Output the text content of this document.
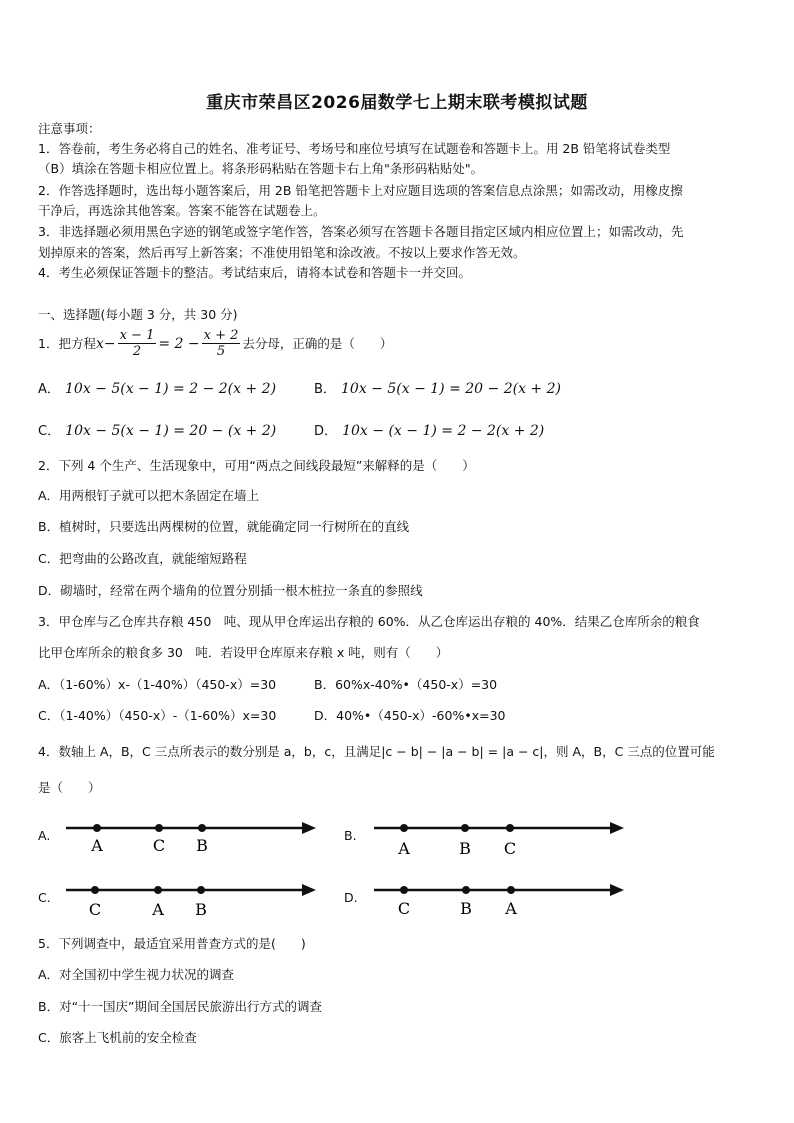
重庆市荣昌区2026届数学七上期末联考模拟试题
注意事项：
1．答卷前，考生务必将自己的姓名、准考证号、考场号和座位号填写在试题卷和答题卡上。用 2B 铅笔将试卷类型
（B）填涂在答题卡相应位置上。将条形码粘贴在答题卡右上角"条形码粘贴处"。
2．作答选择题时，选出每小题答案后，用 2B 铅笔把答题卡上对应题目选项的答案信息点涂黑；如需改动，用橡皮擦
干净后，再选涂其他答案。答案不能答在试题卷上。
3．非选择题必须用黑色字迹的钢笔或签字笔作答，答案必须写在答题卡各题目指定区域内相应位置上；如需改动，先
划掉原来的答案，然后再写上新答案；不准使用铅笔和涂改液。不按以上要求作答无效。
4．考生必须保证答题卡的整洁。考试结束后，请将本试卷和答题卡一并交回。
一、选择题(每小题 3 分，共 30 分)
1．把方程 $x - \frac{x - 1}{2} = 2 - \frac{x + 2}{5}$ 去分母，正确的是（　　）
A． 10x − 5(x − 1) = 2 − 2(x + 2)	B． 10x − 5(x − 1) = 20 − 2(x + 2)
C． 10x − 5(x − 1) = 20 − (x + 2)	D． 10x − (x − 1) = 2 − 2(x + 2)
2．下列 4 个生产、生活现象中，可用“两点之间线段最短”来解释的是（　　）
A．用两根钉子就可以把木条固定在墙上
B．植树时，只要选出两棵树的位置，就能确定同一行树所在的直线
C．把弯曲的公路改直，就能缩短路程
D．砌墙时，经常在两个墙角的位置分别插一根木桩拉一条直的参照线
3．甲仓库与乙仓库共存粮 450　吨、现从甲仓库运出存粮的 60%．从乙仓库运出存粮的 40%．结果乙仓库所余的粮食
比甲仓库所余的粮食多 30　吨．若设甲仓库原来存粮 x 吨，则有（　　）
A．（1-60%）x-（1-40%）（450-x）=30	B．60%x-40%•（450-x）=30
C．（1-40%）（450-x）-（1-60%）x=30	D．40%•（450-x）-60%•x=30
4．数轴上 A，B，C 三点所表示的数分别是 a，b，c，且满足|c − b| − |a − b| = |a − c|，则 A，B，C 三点的位置可能
是（　　）
A.
A	C B
B.
A	B C
C.
C	A B
D.
C	B A
5．下列调查中，最适宜采用普查方式的是(　　)
A．对全国初中学生视力状况的调查
B．对“十一国庆”期间全国居民旅游出行方式的调查
C．旅客上飞机前的安全检查
